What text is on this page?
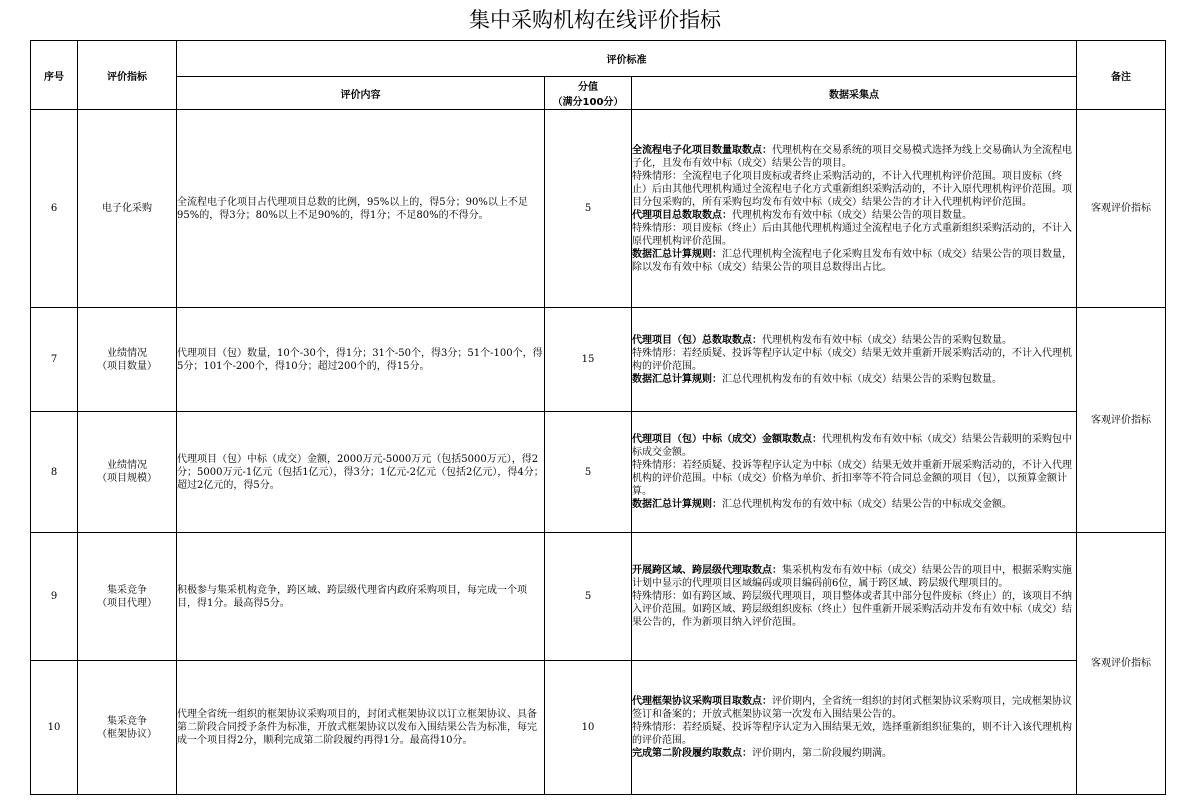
集中采购机构在线评价指标
序号	评价指标	评价标准			备注
		评价内容	分值
（满分100分）	数据采集点	
6	电子化采购	全流程电子化项目占代理项目总数的比例，95%以上的，得5分；90%以上不足95%的，得3分；80%以上不足90%的，得1分；不足80%的不得分。	5	全流程电子化项目数量取数点：代理机构在交易系统的项目交易模式选择为线上交易确认为全流程电子化，且发布有效中标（成交）结果公告的项目。
特殊情形：全流程电子化项目废标或者终止采购活动的，不计入代理机构评价范围。项目废标（终止）后由其他代理机构通过全流程电子化方式重新组织采购活动的，不计入原代理机构评价范围。项目分包采购的，所有采购包均发布有效中标（成交）结果公告的才计入代理机构评价范围。
代理项目总数取数点：代理机构发布有效中标（成交）结果公告的项目数量。
特殊情形：项目废标（终止）后由其他代理机构通过全流程电子化方式重新组织采购活动的，不计入原代理机构评价范围。
数据汇总计算规则：汇总代理机构全流程电子化采购且发布有效中标（成交）结果公告的项目数量，除以发布有效中标（成交）结果公告的项目总数得出占比。	客观评价指标
7	业绩情况
（项目数量）	代理项目（包）数量，10个-30个，得1分；31个-50个，得3分；51个-100个，得5分；101个-200个，得10分；超过200个的，得15分。	15	代理项目（包）总数取数点：代理机构发布有效中标（成交）结果公告的采购包数量。
特殊情形：若经质疑、投诉等程序认定中标（成交）结果无效并重新开展采购活动的，不计入代理机构的评价范围。
数据汇总计算规则：汇总代理机构发布的有效中标（成交）结果公告的采购包数量。	客观评价指标
8	业绩情况
（项目规模）	代理项目（包）中标（成交）金额，2000万元-5000万元（包括5000万元），得2分；5000万元-1亿元（包括1亿元），得3分；1亿元-2亿元（包括2亿元），得4分；超过2亿元的，得5分。	5	代理项目（包）中标（成交）金额取数点：代理机构发布有效中标（成交）结果公告载明的采购包中标成交金额。
特殊情形：若经质疑、投诉等程序认定为中标（成交）结果无效并重新开展采购活动的，不计入代理机构的评价范围。中标（成交）价格为单价、折扣率等不符合同总金额的项目（包），以预算金额计算。
数据汇总计算规则：汇总代理机构发布的有效中标（成交）结果公告的中标成交金额。	

9	集采竞争
（项目代理）	积极参与集采机构竞争，跨区域、跨层级代理省内政府采购项目，每完成一个项目，得1分。最高得5分。	5	开展跨区域、跨层级代理取数点：集采机构发布有效中标（成交）结果公告的项目中，根据采购实施计划中显示的代理项目区域编码或项目编码前6位，属于跨区域、跨层级代理项目的。
特殊情形：如有跨区域、跨层级代理项目，项目整体或者其中部分包件废标（终止）的，该项目不纳入评价范围。如跨区域、跨层级组织废标（终止）包件重新开展采购活动并发布有效中标（成交）结果公告的，作为新项目纳入评价范围。	客观评价指标
10	集采竞争
（框架协议）	代理全省统一组织的框架协议采购项目的，封闭式框架协议以订立框架协议、具备第二阶段合同授予条件为标准，开放式框架协议以发布入围结果公告为标准，每完成一个项目得2分，顺利完成第二阶段履约再得1分。最高得10分。	10	代理框架协议采购项目取数点：评价期内，全省统一组织的封闭式框架协议采购项目，完成框架协议签订和备案的；开放式框架协议第一次发布入围结果公告的。
特殊情形：若经质疑、投诉等程序认定为入围结果无效，选择重新组织征集的，则不计入该代理机构的评价范围。
完成第二阶段履约取数点：评价期内，第二阶段履约期满。	
